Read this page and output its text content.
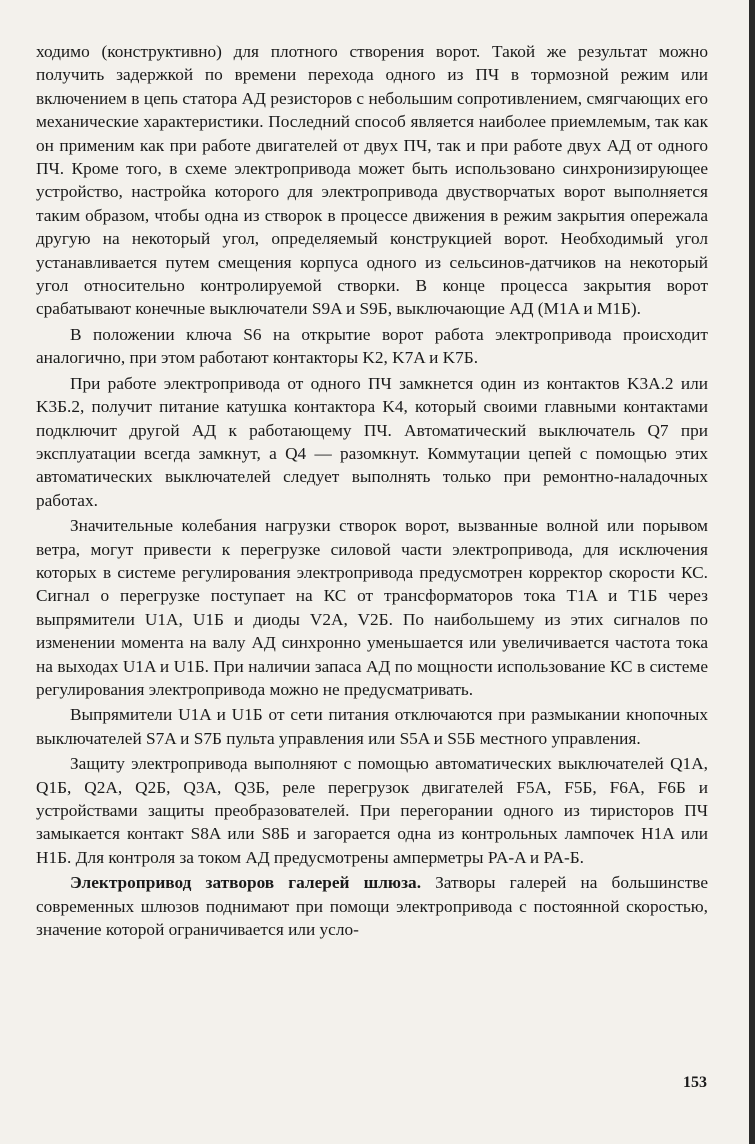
ходимо (конструктивно) для плотного створения ворот. Такой же результат можно получить задержкой по времени перехода одного из ПЧ в тормозной режим или включением в цепь статора АД резисторов с небольшим сопротивлением, смягчающих его механические характеристики. Последний способ является наиболее приемлемым, так как он применим как при работе двигателей от двух ПЧ, так и при работе двух АД от одного ПЧ. Кроме того, в схеме электропривода может быть использовано синхронизирующее устройство, настройка которого для электропривода двустворчатых ворот выполняется таким образом, чтобы одна из створок в процессе движения в режим закрытия опережала другую на некоторый угол, определяемый конструкцией ворот. Необходимый угол устанавливается путем смещения корпуса одного из сельсинов-датчиков на некоторый угол относительно контролируемой створки. В конце процесса закрытия ворот срабатывают конечные выключатели S9A и S9Б, выключающие АД (M1A и M1Б).

В положении ключа S6 на открытие ворот работа электропривода происходит аналогично, при этом работают контакторы K2, K7A и K7Б.

При работе электропривода от одного ПЧ замкнется один из контактов K3A.2 или K3Б.2, получит питание катушка контактора K4, который своими главными контактами подключит другой АД к работающему ПЧ. Автоматический выключатель Q7 при эксплуатации всегда замкнут, а Q4 — разомкнут. Коммутации цепей с помощью этих автоматических выключателей следует выполнять только при ремонтно-наладочных работах.

Значительные колебания нагрузки створок ворот, вызванные волной или порывом ветра, могут привести к перегрузке силовой части электропривода, для исключения которых в системе регулирования электропривода предусмотрен корректор скорости КС. Сигнал о перегрузке поступает на КС от трансформаторов тока T1A и T1Б через выпрямители U1A, U1Б и диоды V2A, V2Б. По наибольшему из этих сигналов по изменении момента на валу АД синхронно уменьшается или увеличивается частота тока на выходах U1A и U1Б. При наличии запаса АД по мощности использование КС в системе регулирования электропривода можно не предусматривать.

Выпрямители U1A и U1Б от сети питания отключаются при размыкании кнопочных выключателей S7A и S7Б пульта управления или S5A и S5Б местного управления.

Защиту электропривода выполняют с помощью автоматических выключателей Q1A, Q1Б, Q2A, Q2Б, Q3A, Q3Б, реле перегрузок двигателей F5A, F5Б, F6A, F6Б и устройствами защиты преобразователей. При перегорании одного из тиристоров ПЧ замыкается контакт S8A или S8Б и загорается одна из контрольных лампочек H1A или H1Б. Для контроля за током АД предусмотрены амперметры PA-A и PA-Б.

Электропривод затворов галерей шлюза. Затворы галерей на большинстве современных шлюзов поднимают при помощи электропривода с постоянной скоростью, значение которой ограничивается или усло-

153
